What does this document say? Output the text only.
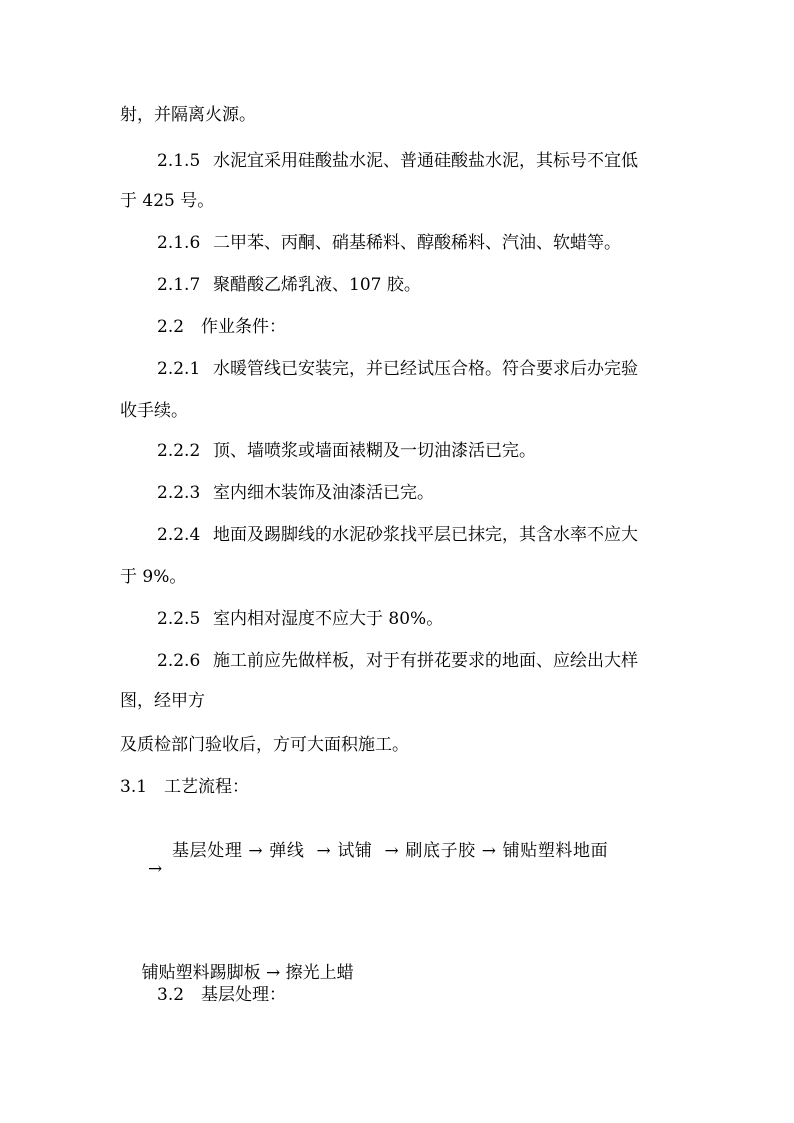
射，并隔离火源。
2.1.5 水泥宜采用硅酸盐水泥、普通硅酸盐水泥，其标号不宜低
于 425 号。
2.1.6 二甲苯、丙酮、硝基稀料、醇酸稀料、汽油、软蜡等。
2.1.7 聚醋酸乙烯乳液、107 胶。
2.2 作业条件：
2.2.1 水暖管线已安装完，并已经试压合格。符合要求后办完验
收手续。
2.2.2 顶、墙喷浆或墙面裱糊及一切油漆活已完。
2.2.3 室内细木装饰及油漆活已完。
2.2.4 地面及踢脚线的水泥砂浆找平层已抹完，其含水率不应大
于 9%。
2.2.5 室内相对湿度不应大于 80%。
2.2.6 施工前应先做样板，对于有拼花要求的地面、应绘出大样
图，经甲方
及质检部门验收后，方可大面积施工。
3.1 工艺流程：

基层处理 → 弹线  → 试铺  → 刷底子胶 → 铺贴塑料地面

→

铺贴塑料踢脚板 → 擦光上蜡

3.2 基层处理：
